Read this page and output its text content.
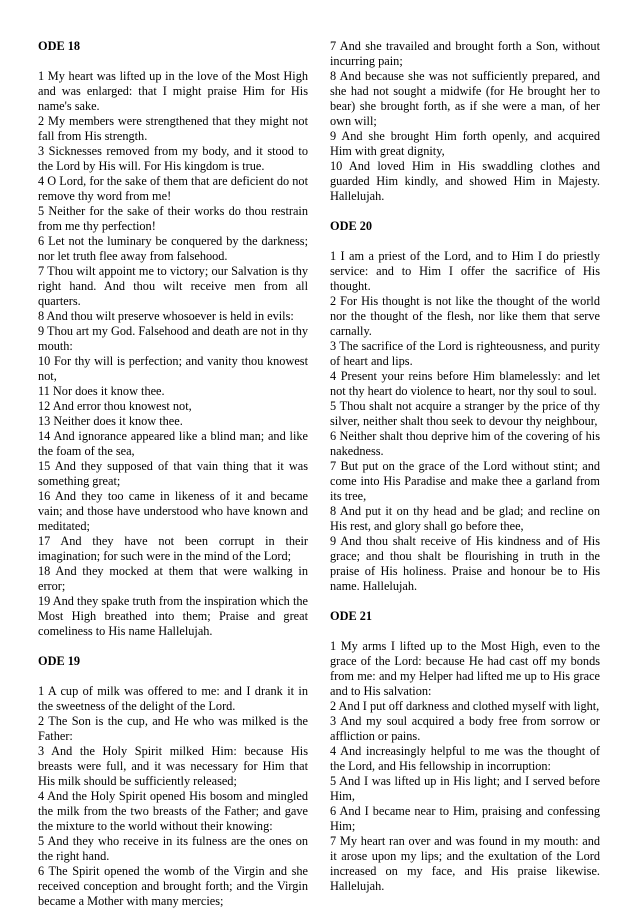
ODE 18

1 My heart was lifted up in the love of the Most High and was enlarged: that I might praise Him for His name's sake.

2 My members were strengthened that they might not fall from His strength.

3 Sicknesses removed from my body, and it stood to the Lord by His will. For His kingdom is true.

4 O Lord, for the sake of them that are deficient do not remove thy word from me!

5 Neither for the sake of their works do thou restrain from me thy perfection!

6 Let not the luminary be conquered by the darkness; nor let truth flee away from falsehood.

7 Thou wilt appoint me to victory; our Salvation is thy right hand. And thou wilt receive men from all quarters.

8 And thou wilt preserve whosoever is held in evils:

9 Thou art my God. Falsehood and death are not in thy mouth:

10 For thy will is perfection; and vanity thou knowest not,

11 Nor does it know thee.

12 And error thou knowest not,

13 Neither does it know thee.

14 And ignorance appeared like a blind man; and like the foam of the sea,

15 And they supposed of that vain thing that it was something great;

16 And they too came in likeness of it and became vain; and those have understood who have known and meditated;

17 And they have not been corrupt in their imagination; for such were in the mind of the Lord;

18 And they mocked at them that were walking in error;

19 And they spake truth from the inspiration which the Most High breathed into them; Praise and great comeliness to His name Hallelujah.

ODE 19

1 A cup of milk was offered to me: and I drank it in the sweetness of the delight of the Lord.

2 The Son is the cup, and He who was milked is the Father:

3 And the Holy Spirit milked Him: because His breasts were full, and it was necessary for Him that His milk should be sufficiently released;

4 And the Holy Spirit opened His bosom and mingled the milk from the two breasts of the Father; and gave the mixture to the world without their knowing:

5 And they who receive in its fulness are the ones on the right hand.

6 The Spirit opened the womb of the Virgin and she received conception and brought forth; and the Virgin became a Mother with many mercies;

7 And she travailed and brought forth a Son, without incurring pain;

8 And because she was not sufficiently prepared, and she had not sought a midwife (for He brought her to bear) she brought forth, as if she were a man, of her own will;

9 And she brought Him forth openly, and acquired Him with great dignity,

10 And loved Him in His swaddling clothes and guarded Him kindly, and showed Him in Majesty. Hallelujah.

ODE 20

1 I am a priest of the Lord, and to Him I do priestly service: and to Him I offer the sacrifice of His thought.

2 For His thought is not like the thought of the world nor the thought of the flesh, nor like them that serve carnally.

3 The sacrifice of the Lord is righteousness, and purity of heart and lips.

4 Present your reins before Him blamelessly: and let not thy heart do violence to heart, nor thy soul to soul.

5 Thou shalt not acquire a stranger by the price of thy silver, neither shalt thou seek to devour thy neighbour,

6 Neither shalt thou deprive him of the covering of his nakedness.

7 But put on the grace of the Lord without stint; and come into His Paradise and make thee a garland from its tree,

8 And put it on thy head and be glad; and recline on His rest, and glory shall go before thee,

9 And thou shalt receive of His kindness and of His grace; and thou shalt be flourishing in truth in the praise of His holiness. Praise and honour be to His name. Hallelujah.

ODE 21

1 My arms I lifted up to the Most High, even to the grace of the Lord: because He had cast off my bonds from me: and my Helper had lifted me up to His grace and to His salvation:

2 And I put off darkness and clothed myself with light,

3 And my soul acquired a body free from sorrow or affliction or pains.

4 And increasingly helpful to me was the thought of the Lord, and His fellowship in incorruption:

5 And I was lifted up in His light; and I served before Him,

6 And I became near to Him, praising and confessing Him;

7 My heart ran over and was found in my mouth: and it arose upon my lips; and the exultation of the Lord increased on my face, and His praise likewise. Hallelujah.
